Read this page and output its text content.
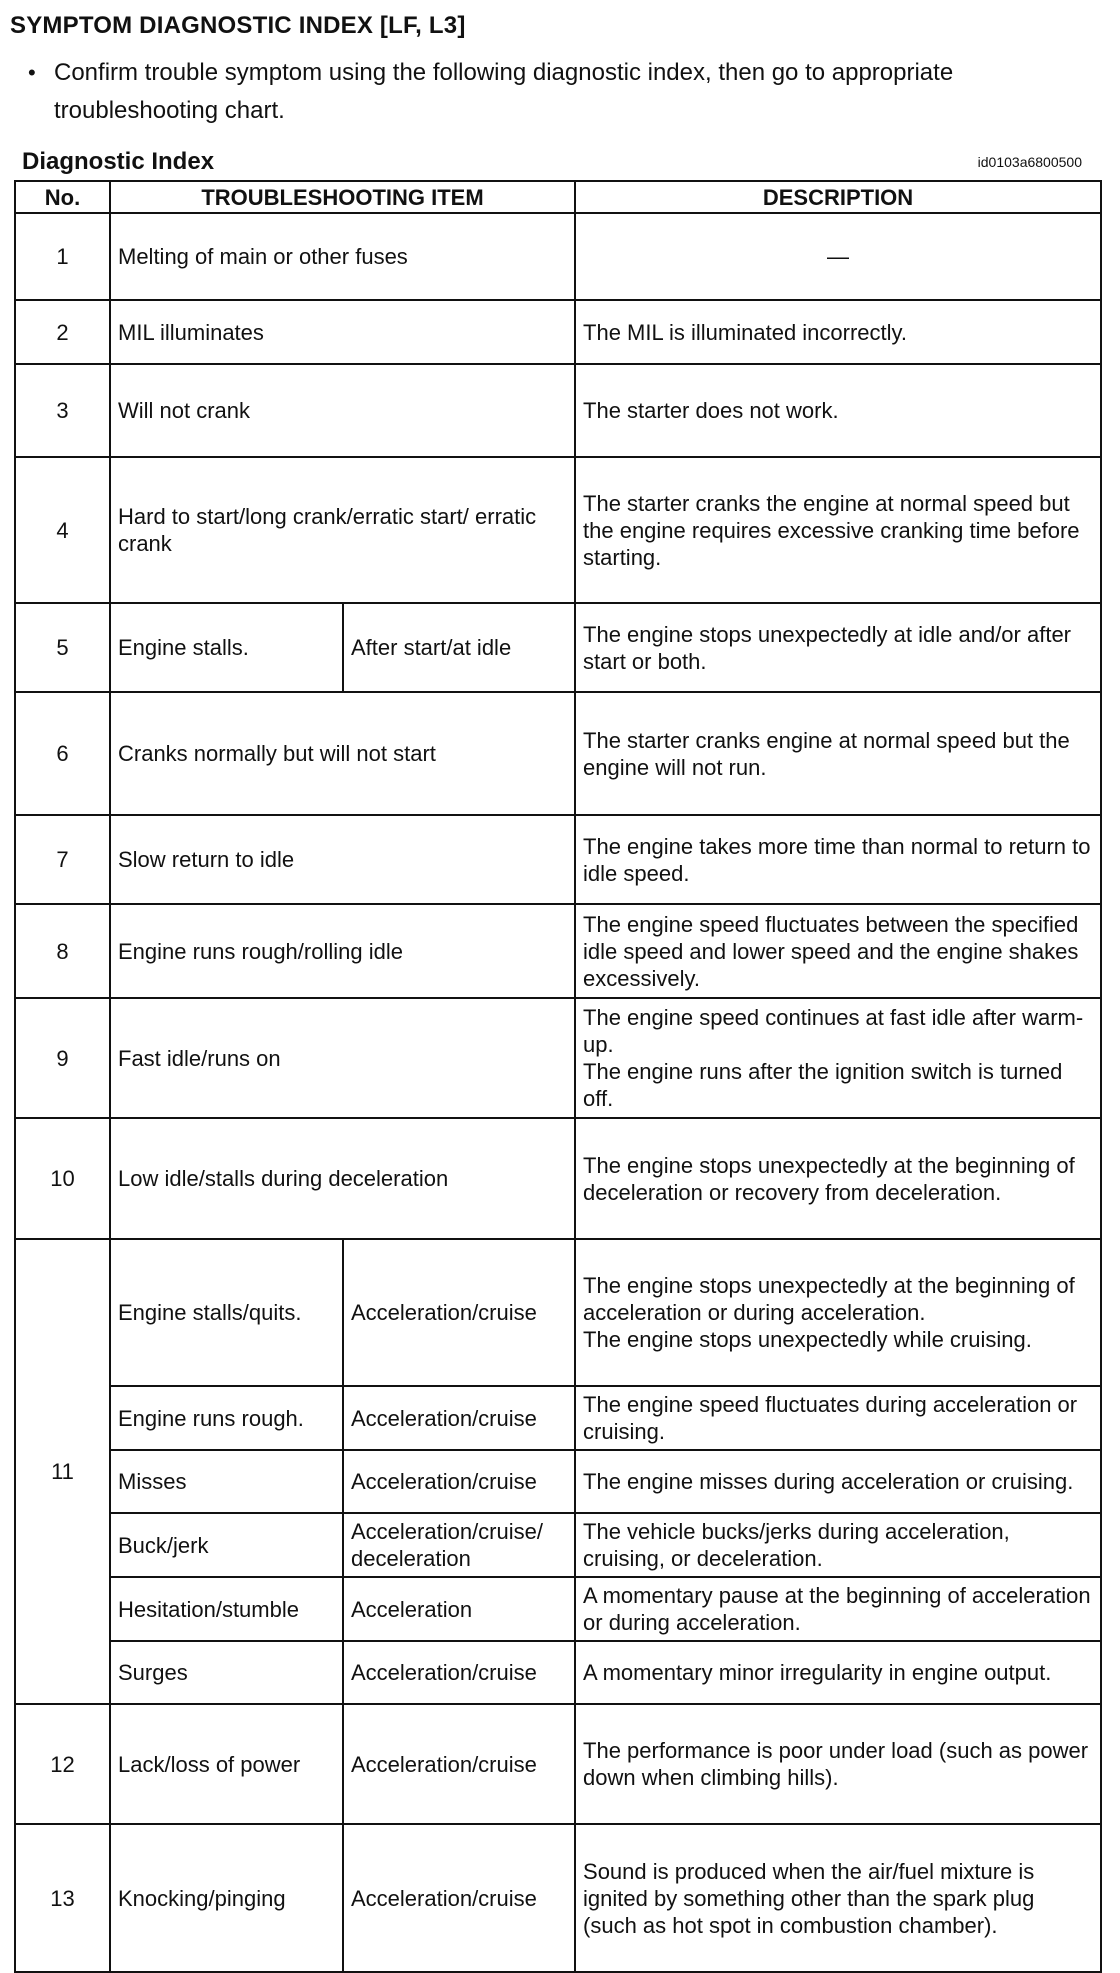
SYMPTOM DIAGNOSTIC INDEX [LF, L3]
• Confirm trouble symptom using the following diagnostic index, then go to appropriate troubleshooting chart.
Diagnostic Index	id0103a6800500
No.	TROUBLESHOOTING ITEM		DESCRIPTION
1	Melting of main or other fuses		—
2	MIL illuminates		The MIL is illuminated incorrectly.
3	Will not crank		The starter does not work.
4	Hard to start/long crank/erratic start/ erratic crank		The starter cranks the engine at normal speed but the engine requires excessive cranking time before starting.
5	Engine stalls.	After start/at idle	The engine stops unexpectedly at idle and/or after start or both.
6	Cranks normally but will not start		The starter cranks engine at normal speed but the engine will not run.
7	Slow return to idle		The engine takes more time than normal to return to idle speed.
8	Engine runs rough/rolling idle		The engine speed fluctuates between the specified idle speed and lower speed and the engine shakes excessively.
9	Fast idle/runs on		The engine speed continues at fast idle after warm-up.
The engine runs after the ignition switch is turned off.

10	Low idle/stalls during deceleration		The engine stops unexpectedly at the beginning of deceleration or recovery from deceleration.
11	Engine stalls/quits.	Acceleration/cruise	The engine stops unexpectedly at the beginning of acceleration or during acceleration.
The engine stops unexpectedly while cruising.

	Engine runs rough.	Acceleration/cruise	The engine speed fluctuates during acceleration or cruising.
	Misses	Acceleration/cruise	The engine misses during acceleration or cruising.
	Buck/jerk	Acceleration/cruise/ deceleration	The vehicle bucks/jerks during acceleration, cruising, or deceleration.
	Hesitation/stumble	Acceleration	A momentary pause at the beginning of acceleration or during acceleration.
	Surges	Acceleration/cruise	A momentary minor irregularity in engine output.
12	Lack/loss of power	Acceleration/cruise	The performance is poor under load (such as power down when climbing hills).
13	Knocking/pinging	Acceleration/cruise	Sound is produced when the air/fuel mixture is ignited by something other than the spark plug (such as hot spot in combustion chamber).
